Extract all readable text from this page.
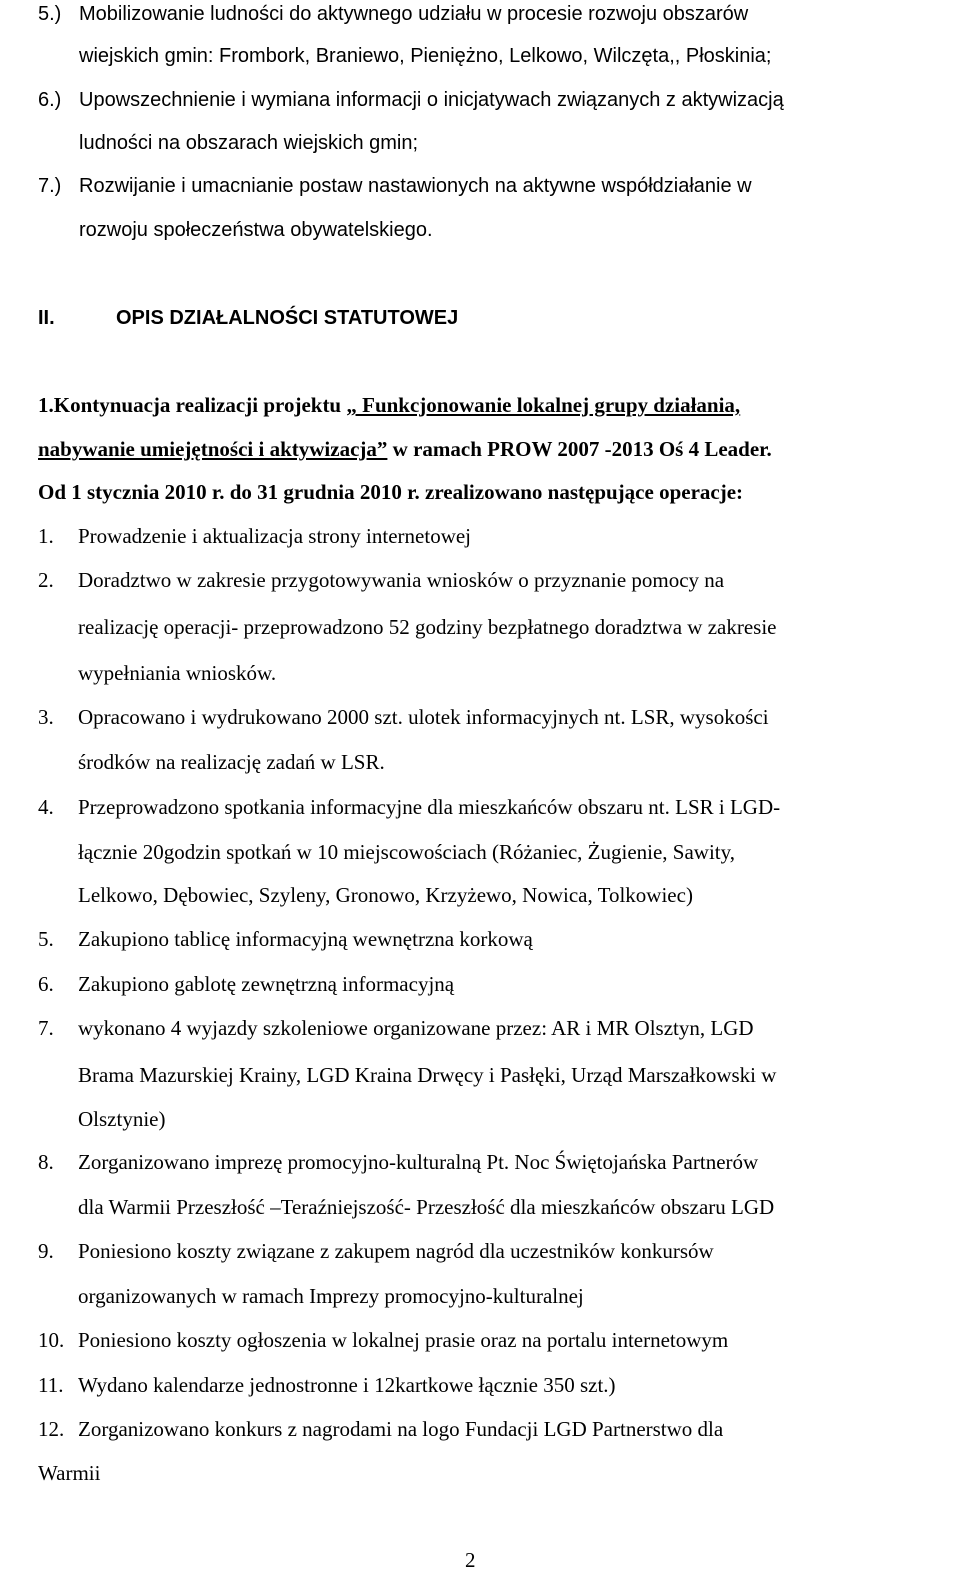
5.) Mobilizowanie ludności do aktywnego udziału w procesie rozwoju obszarów
wiejskich gmin: Frombork, Braniewo, Pieniężno, Lelkowo, Wilczęta,, Płoskinia;
6.) Upowszechnienie i wymiana informacji o inicjatywach związanych z aktywizacją
ludności na obszarach wiejskich gmin;
7.) Rozwijanie i umacnianie postaw nastawionych na aktywne współdziałanie w
rozwoju społeczeństwa obywatelskiego.
II.	OPIS DZIAŁALNOŚCI STATUTOWEJ
1.Kontynuacja realizacji projektu „ Funkcjonowanie lokalnej grupy działania,
nabywanie umiejętności i aktywizacja” w ramach PROW 2007 -2013 Oś 4 Leader.
Od 1 stycznia 2010 r. do 31 grudnia 2010 r. zrealizowano następujące operacje:
1. Prowadzenie i aktualizacja strony internetowej
2. Doradztwo w zakresie przygotowywania wniosków o przyznanie pomocy na
realizację operacji- przeprowadzono 52 godziny bezpłatnego doradztwa w zakresie
wypełniania wniosków.
3. Opracowano i wydrukowano 2000 szt. ulotek informacyjnych nt. LSR, wysokości
środków na realizację zadań w LSR.
4. Przeprowadzono spotkania informacyjne dla mieszkańców obszaru nt. LSR i LGD-
łącznie 20godzin spotkań w 10 miejscowościach (Różaniec, Żugienie, Sawity,
Lelkowo, Dębowiec, Szyleny, Gronowo, Krzyżewo, Nowica, Tolkowiec)
5. Zakupiono tablicę informacyjną wewnętrzna korkową
6. Zakupiono gablotę zewnętrzną informacyjną
7. wykonano 4 wyjazdy szkoleniowe organizowane przez: AR i MR Olsztyn, LGD
Brama Mazurskiej Krainy, LGD Kraina Drwęcy i Pasłęki, Urząd Marszałkowski w
Olsztynie)
8. Zorganizowano imprezę promocyjno-kulturalną Pt. Noc Świętojańska Partnerów
dla Warmii Przeszłość –Teraźniejszość- Przeszłość dla mieszkańców obszaru LGD
9. Poniesiono koszty związane z zakupem nagród dla uczestników konkursów
organizowanych w ramach Imprezy promocyjno-kulturalnej
10. Poniesiono koszty ogłoszenia w lokalnej prasie oraz na portalu internetowym
11. Wydano kalendarze jednostronne i 12kartkowe łącznie 350 szt.)
12. Zorganizowano konkurs z nagrodami na logo Fundacji LGD Partnerstwo dla
Warmii
2
